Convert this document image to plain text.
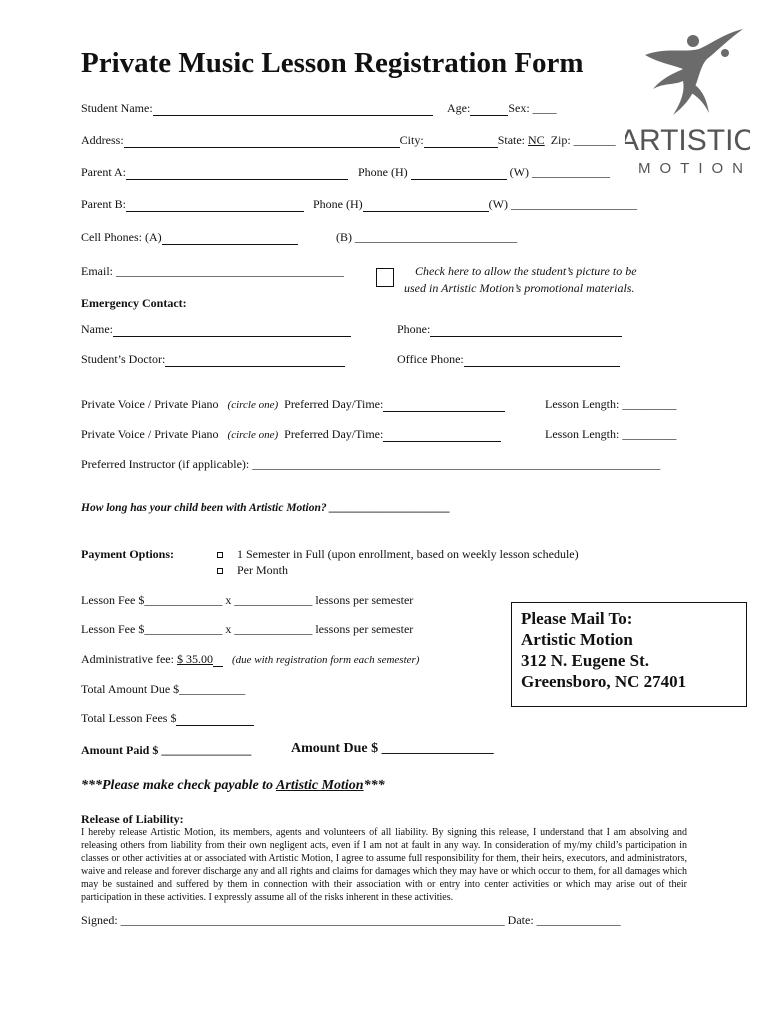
Private Music Lesson Registration Form
ARTISTIC
MOTION
Student Name:	Age:	Sex: ____
Address:	City:	State: NC Zip: _______
Parent A:	Phone (H)	(W) _____________
Parent B:	Phone (H)	(W) _____________________
Cell Phones: (A)	(B) ___________________________
Email: ______________________________________	Check here to allow the student’s picture to be
used in Artistic Motion’s promotional materials.
Emergency Contact:
Name:	Phone:
Student’s Doctor:	Office Phone:
Private Voice / Private Piano (circle one) Preferred Day/Time:	Lesson Length: _________
Private Voice / Private Piano (circle one) Preferred Day/Time:	Lesson Length: _________
Preferred Instructor (if applicable): ____________________________________________________________________
How long has your child been with Artistic Motion? _____________________
Payment Options:	1 Semester in Full (upon enrollment, based on weekly lesson schedule)
Per Month
Lesson Fee $_____________ x _____________ lessons per semester
Lesson Fee $_____________ x _____________ lessons per semester
Administrative fee: $ 35.00 (due with registration form each semester)
Total Amount Due $___________
Total Lesson Fees $
Amount Paid $ _______________	Amount Due $ ________________
Please Mail To:
Artistic Motion
312 N. Eugene St.
Greensboro, NC 27401
***Please make check payable to Artistic Motion***
Release of Liability:
I hereby release Artistic Motion, its members, agents and volunteers of all liability. By signing this release, I understand that I am absolving and releasing others from liability from their own negligent acts, even if I am not at fault in any way. In consideration of my/my child’s participation in classes or other activities at or associated with Artistic Motion, I agree to assume full responsibility for them, their heirs, executors, and administrators, waive and release and forever discharge any and all rights and claims for damages which they may have or which occur to them, for all damages which may be sustained and suffered by them in connection with their association with or entry into center activities or which may arise out of their participation in these activities. I expressly assume all of the risks inherent in these activities.
Signed: ________________________________________________________________ Date: ______________
